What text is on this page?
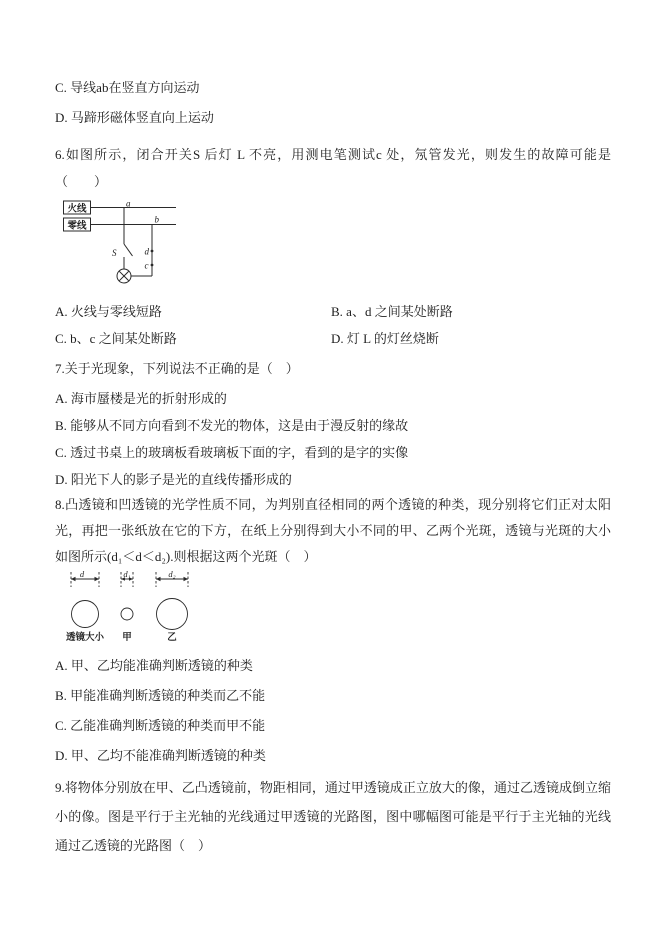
C. 导线ab在竖直方向运动
D. 马蹄形磁体竖直向上运动
6.如图所示，闭合开关S 后灯 L 不亮，用测电笔测试c 处，氖管发光，则发生的故障可能是（　　）
a
b
S	d
c
火线
零线
A. 火线与零线短路	B. a、d 之间某处断路
C. b、c 之间某处断路	D. 灯 L 的灯丝烧断
7.关于光现象，下列说法不正确的是（　）
A. 海市蜃楼是光的折射形成的
B. 能够从不同方向看到不发光的物体，这是由于漫反射的缘故
C. 透过书桌上的玻璃板看玻璃板下面的字，看到的是字的实像
D. 阳光下人的影子是光的直线传播形成的
8.凸透镜和凹透镜的光学性质不同，为判别直径相同的两个透镜的种类，现分别将它们正对太阳光，再把一张纸放在它的下方，在纸上分别得到大小不同的甲、乙两个光斑，透镜与光斑的大小如图所示(d₁＜d＜d₂).则根据这两个光斑（　）
d	d₁	d₂
透镜大小 甲	乙
A. 甲、乙均能准确判断透镜的种类
B. 甲能准确判断透镜的种类而乙不能
C. 乙能准确判断透镜的种类而甲不能
D. 甲、乙均不能准确判断透镜的种类
9.将物体分别放在甲、乙凸透镜前，物距相同，通过甲透镜成正立放大的像，通过乙透镜成倒立缩小的像。图是平行于主光轴的光线通过甲透镜的光路图，图中哪幅图可能是平行于主光轴的光线通过乙透镜的光路图（　）
